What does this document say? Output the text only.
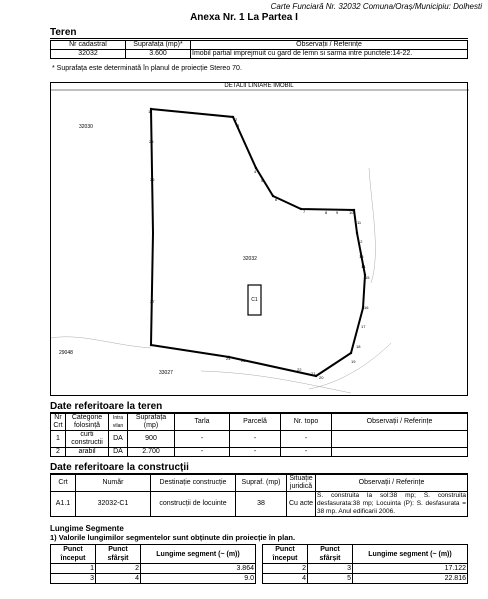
Carte Funciară Nr. 32032 Comuna/Oraș/Municipiu: Dolhesti
Anexa Nr. 1 La Partea I
Teren
Nr cadastral	Suprafața (mp)*	Observații / Referințe
32032	3.600	Imobil partial imprejmuit cu gard de lemn si sarma intre punctele:14-22.
* Suprafața este determinată în planul de proiecție Stereo 70.
DETALII LINIARE IMOBIL
C1
32030
32032
29048
33027
1
2
3
4
5
6
7	8 9	10
11
12
13
14
15
16
17
18
19
20
21
22
23
24
25
26
27
Date referitoare la teren
Nr Crt	Categorie folosință	Intra vilan	Suprafața (mp)	Tarla	Parcelă	Nr. topo	Observații / Referințe
1	curti constructii	DA	900	-	-	-	
2	arabil	DA	2.700	-	-	-	
Date referitoare la construcții
Crt	Număr	Destinație construcție	Supraf. (mp)	Situație juridică	Observații / Referințe
A1.1	32032-C1	construcții de locuinte	38	Cu acte	S. construita la sol:38 mp; S. construita desfasurata:38 mp; Locuinta (P): S. desfasurata = 38 mp. Anul edificarii 2006.
Lungime Segmente
1) Valorile lungimilor segmentelor sunt obținute din proiecție în plan.
Punct început	Punct sfârșit	Lungime segment (~ (m))
1	2	3.864
3	4	9.0
Punct început	Punct sfârșit	Lungime segment (~ (m))
2	3	17.122
4	5	22.816
